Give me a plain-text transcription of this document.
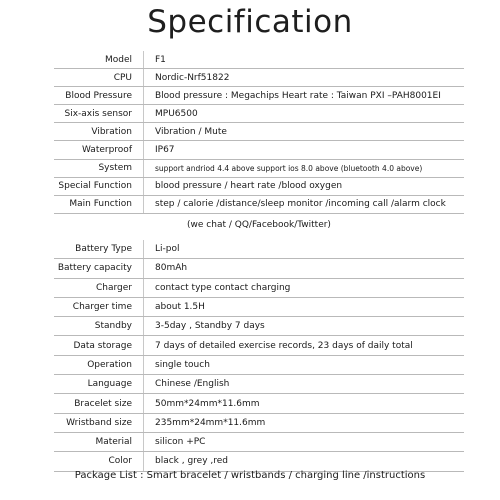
Specification
Model	F1
CPU	Nordic-Nrf51822
Blood Pressure	Blood pressure : Megachips Heart rate : Taiwan PXI –PAH8001EI
Six-axis sensor	MPU6500
Vibration	Vibration / Mute
Waterproof	IP67
System	support andriod 4.4 above support ios 8.0 above (bluetooth 4.0 above)
Special Function	blood pressure / heart rate /blood oxygen
Main Function	step / calorie /distance/sleep monitor /incoming call /alarm clock
(we chat / QQ/Facebook/Twitter)
Battery Type	Li-pol
Battery capacity	80mAh
Charger	contact type contact charging
Charger time	about 1.5H
Standby	3-5day , Standby 7 days
Data storage	7 days of detailed exercise records, 23 days of daily total
Operation	single touch
Language	Chinese /English
Bracelet size	50mm*24mm*11.6mm
Wristband size	235mm*24mm*11.6mm
Material	silicon +PC
Color	black , grey ,red
Package List : Smart bracelet / wristbands / charging line /instructions
